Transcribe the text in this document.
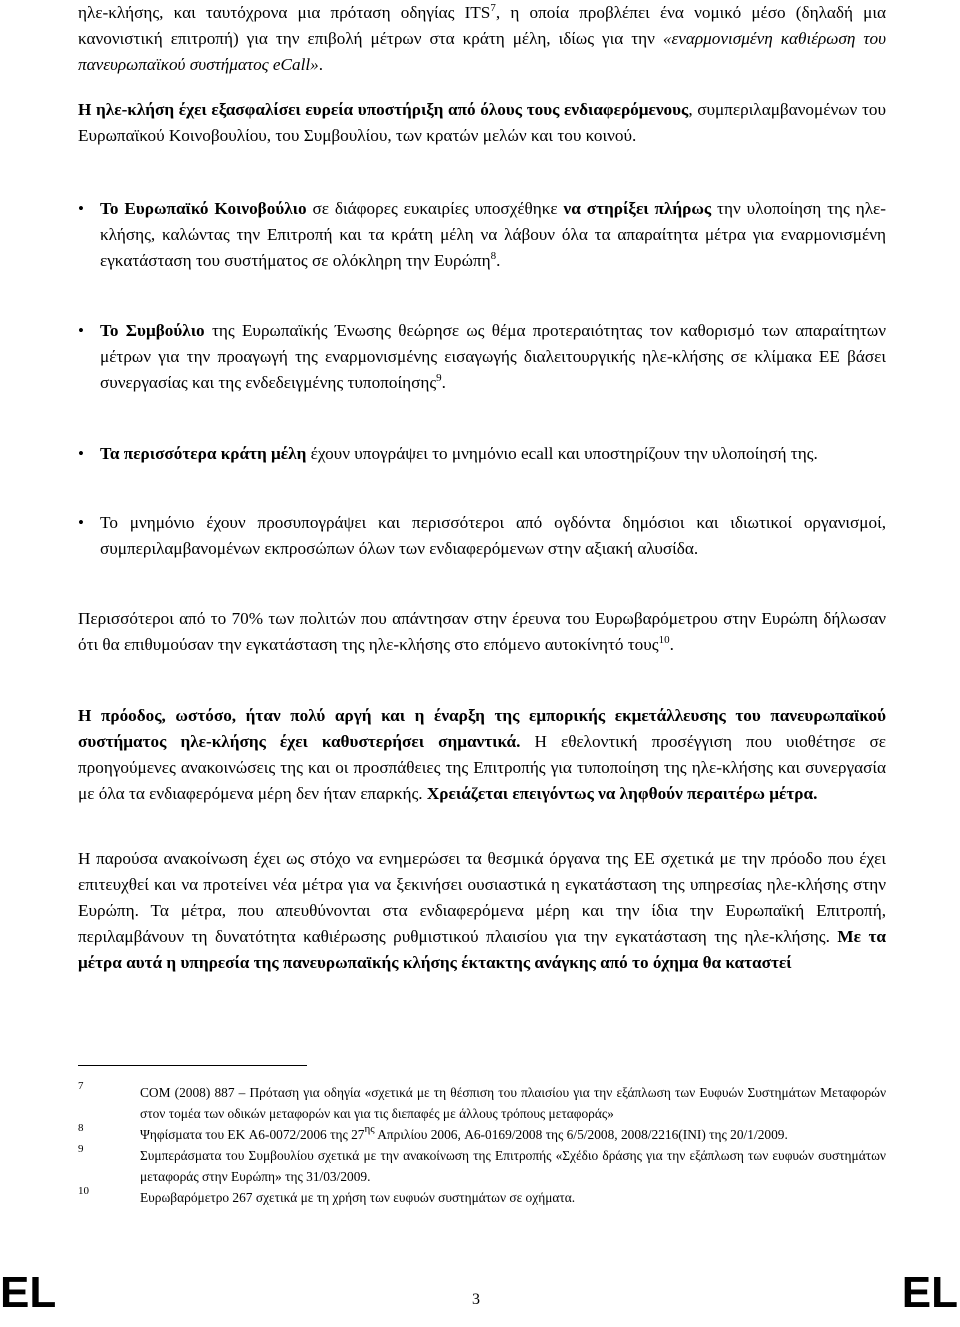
ηλε-κλήσης, και ταυτόχρονα μια πρόταση οδηγίας ITS$^7$, η οποία προβλέπει ένα νομικό μέσο (δηλαδή μια κανονιστική επιτροπή) για την επιβολή μέτρων στα κράτη μέλη, ιδίως για την «εναρμονισμένη καθιέρωση του πανευρωπαϊκού συστήματος eCall».

Η ηλε-κλήση έχει εξασφαλίσει ευρεία υποστήριξη από όλους τους ενδιαφερόμενους, συμπεριλαμβανομένων του Ευρωπαϊκού Κοινοβουλίου, του Συμβουλίου, των κρατών μελών και του κοινού.

• Το Ευρωπαϊκό Κοινοβούλιο σε διάφορες ευκαιρίες υποσχέθηκε να στηρίξει πλήρως την υλοποίηση της ηλε-κλήσης, καλώντας την Επιτροπή και τα κράτη μέλη να λάβουν όλα τα απαραίτητα μέτρα για εναρμονισμένη εγκατάσταση του συστήματος σε ολόκληρη την Ευρώπη$^8$.

• Το Συμβούλιο της Ευρωπαϊκής Ένωσης θεώρησε ως θέμα προτεραιότητας τον καθορισμό των απαραίτητων μέτρων για την προαγωγή της εναρμονισμένης εισαγωγής διαλειτουργικής ηλε-κλήσης σε κλίμακα ΕΕ βάσει συνεργασίας και της ενδεδειγμένης τυποποίησης$^9$.

• Τα περισσότερα κράτη μέλη έχουν υπογράψει το μνημόνιο ecall και υποστηρίζουν την υλοποίησή της.

• Το μνημόνιο έχουν προσυπογράψει και περισσότεροι από ογδόντα δημόσιοι και ιδιωτικοί οργανισμοί, συμπεριλαμβανομένων εκπροσώπων όλων των ενδιαφερόμενων στην αξιακή αλυσίδα.

Περισσότεροι από το 70% των πολιτών που απάντησαν στην έρευνα του Ευρωβαρόμετρου στην Ευρώπη δήλωσαν ότι θα επιθυμούσαν την εγκατάσταση της ηλε-κλήσης στο επόμενο αυτοκίνητό τους$^{10}$.

Η πρόοδος, ωστόσο, ήταν πολύ αργή και η έναρξη της εμπορικής εκμετάλλευσης του πανευρωπαϊκού συστήματος ηλε-κλήσης έχει καθυστερήσει σημαντικά. Η εθελοντική προσέγγιση που υιοθέτησε σε προηγούμενες ανακοινώσεις της και οι προσπάθειες της Επιτροπής για τυποποίηση της ηλε-κλήσης και συνεργασία με όλα τα ενδιαφερόμενα μέρη δεν ήταν επαρκής. Χρειάζεται επειγόντως να ληφθούν περαιτέρω μέτρα.

Η παρούσα ανακοίνωση έχει ως στόχο να ενημερώσει τα θεσμικά όργανα της ΕΕ σχετικά με την πρόοδο που έχει επιτευχθεί και να προτείνει νέα μέτρα για να ξεκινήσει ουσιαστικά η εγκατάσταση της υπηρεσίας ηλε-κλήσης στην Ευρώπη. Τα μέτρα, που απευθύνονται στα ενδιαφερόμενα μέρη και την ίδια την Ευρωπαϊκή Επιτροπή, περιλαμβάνουν τη δυνατότητα καθιέρωσης ρυθμιστικού πλαισίου για την εγκατάσταση της ηλε-κλήσης. Με τα μέτρα αυτά η υπηρεσία της πανευρωπαϊκής κλήσης έκτακτης ανάγκης από το όχημα θα καταστεί

7	COM (2008) 887 – Πρόταση για οδηγία «σχετικά με τη θέσπιση του πλαισίου για την εξάπλωση των Ευφυών Συστημάτων Μεταφορών στον τομέα των οδικών μεταφορών και για τις διεπαφές με άλλους τρόπους μεταφοράς»

8	Ψηφίσματα του ΕΚ A6-0072/2006 της $27^{\eta\varsigma}$ Απριλίου 2006, A6-0169/2008 της 6/5/2008, 2008/2216(INI) της 20/1/2009.

9	Συμπεράσματα του Συμβουλίου σχετικά με την ανακοίνωση της Επιτροπής «Σχέδιο δράσης για την εξάπλωση των ευφυών συστημάτων μεταφοράς στην Ευρώπη» της 31/03/2009.

10	Ευρωβαρόμετρο 267 σχετικά με τη χρήση των ευφυών συστημάτων σε οχήματα.

EL	3	EL
